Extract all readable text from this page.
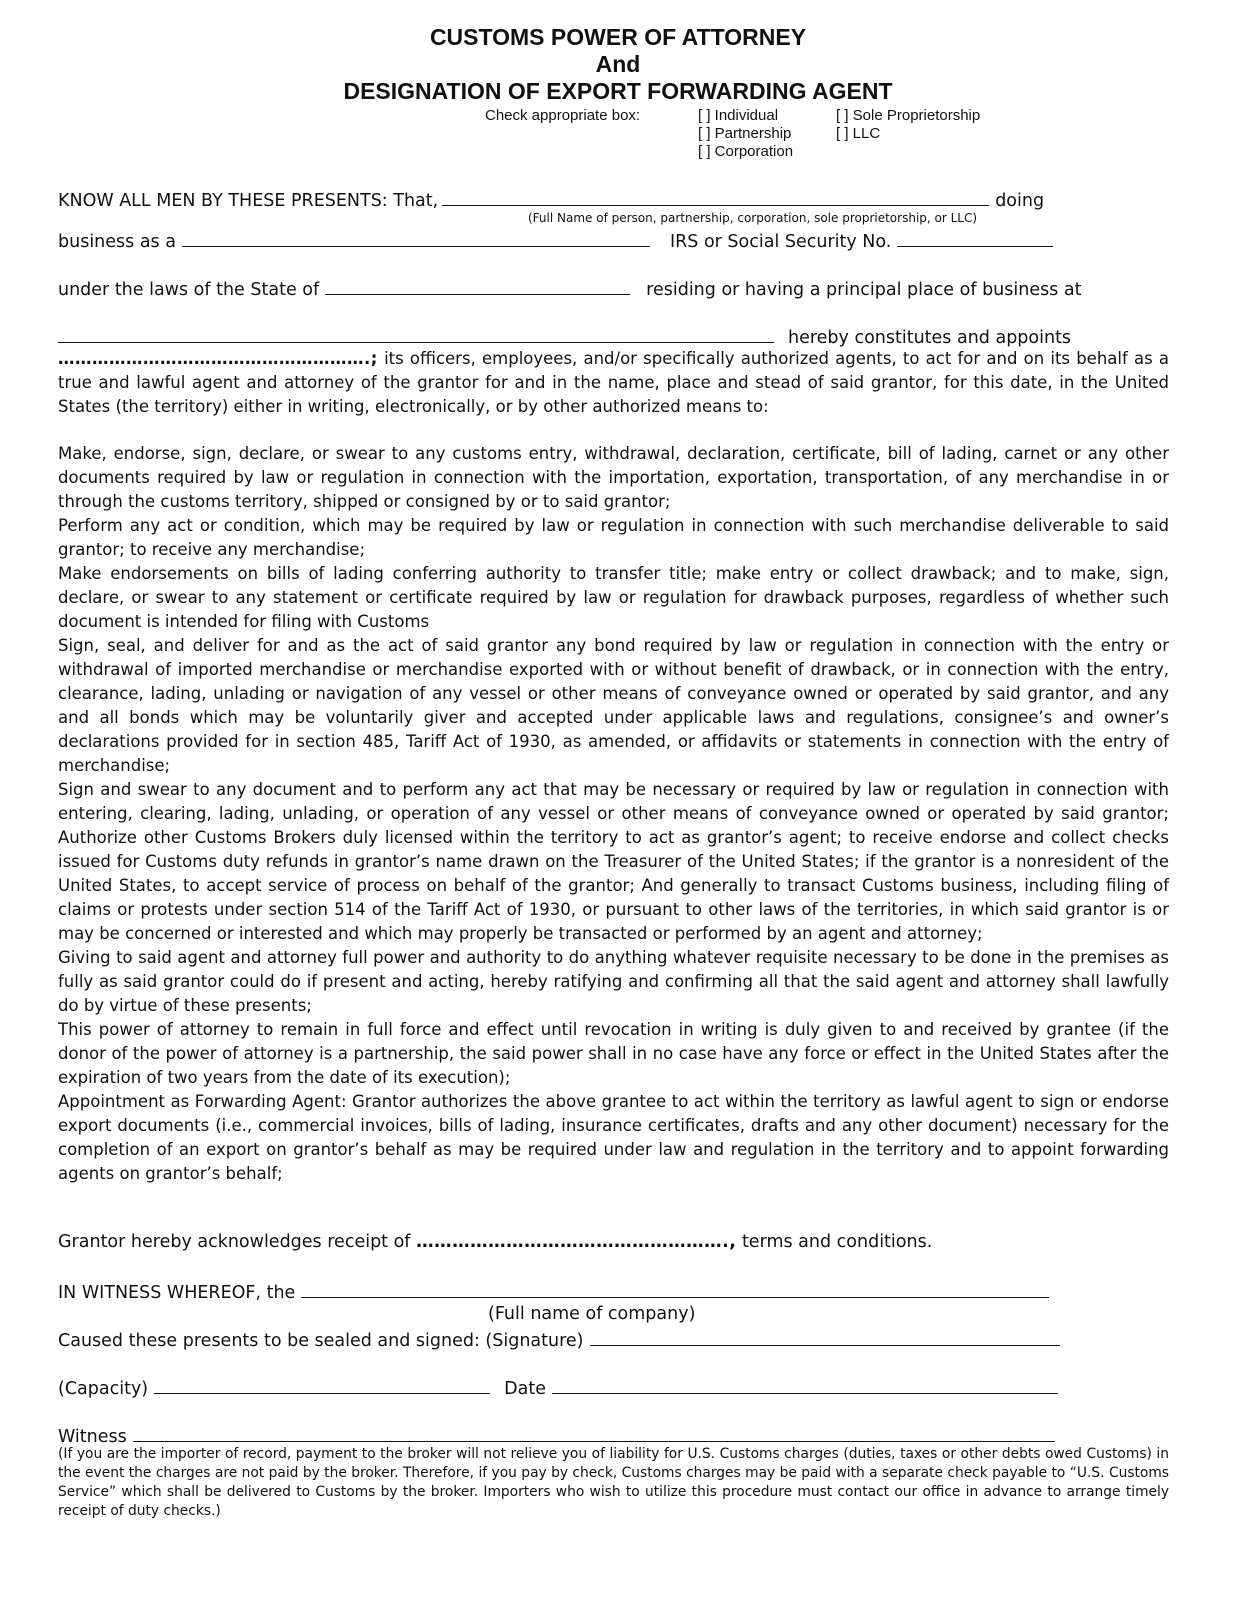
CUSTOMS POWER OF ATTORNEY
And
DESIGNATION OF EXPORT FORWARDING AGENT
Check appropriate box:	[ ] Individual
[ ] Partnership
[ ] Corporation
[ ] Sole Proprietorship
[ ] LLC
KNOW ALL MEN BY THESE PRESENTS: That,	doing
(Full Name of person, partnership, corporation, sole proprietorship, or LLC)
business as a	IRS or Social Security No.
under the laws of the State of	residing or having a principal place of business at
hereby constitutes and appoints

……………………………………………….; its officers, employees, and/or specifically authorized agents, to act for and on its behalf as a true and lawful agent and attorney of the grantor for and in the name, place and stead of said grantor, for this date, in the United States (the territory) either in writing, electronically, or by other authorized means to:

Make, endorse, sign, declare, or swear to any customs entry, withdrawal, declaration, certificate, bill of lading, carnet or any other documents required by law or regulation in connection with the importation, exportation, transportation, of any merchandise in or through the customs territory, shipped or consigned by or to said grantor;

Perform any act or condition, which may be required by law or regulation in connection with such merchandise deliverable to said grantor; to receive any merchandise;

Make endorsements on bills of lading conferring authority to transfer title; make entry or collect drawback; and to make, sign, declare, or swear to any statement or certificate required by law or regulation for drawback purposes, regardless of whether such document is intended for filing with Customs

Sign, seal, and deliver for and as the act of said grantor any bond required by law or regulation in connection with the entry or withdrawal of imported merchandise or merchandise exported with or without benefit of drawback, or in connection with the entry, clearance, lading, unlading or navigation of any vessel or other means of conveyance owned or operated by said grantor, and any and all bonds which may be voluntarily giver and accepted under applicable laws and regulations, consignee’s and owner’s declarations provided for in section 485, Tariff Act of 1930, as amended, or affidavits or statements in connection with the entry of merchandise;

Sign and swear to any document and to perform any act that may be necessary or required by law or regulation in connection with entering, clearing, lading, unlading, or operation of any vessel or other means of conveyance owned or operated by said grantor; Authorize other Customs Brokers duly licensed within the territory to act as grantor’s agent; to receive endorse and collect checks issued for Customs duty refunds in grantor’s name drawn on the Treasurer of the United States; if the grantor is a nonresident of the United States, to accept service of process on behalf of the grantor; And generally to transact Customs business, including filing of claims or protests under section 514 of the Tariff Act of 1930, or pursuant to other laws of the territories, in which said grantor is or may be concerned or interested and which may properly be transacted or performed by an agent and attorney;

Giving to said agent and attorney full power and authority to do anything whatever requisite necessary to be done in the premises as fully as said grantor could do if present and acting, hereby ratifying and confirming all that the said agent and attorney shall lawfully do by virtue of these presents;

This power of attorney to remain in full force and effect until revocation in writing is duly given to and received by grantee (if the donor of the power of attorney is a partnership, the said power shall in no case have any force or effect in the United States after the expiration of two years from the date of its execution);

Appointment as Forwarding Agent: Grantor authorizes the above grantee to act within the territory as lawful agent to sign or endorse export documents (i.e., commercial invoices, bills of lading, insurance certificates, drafts and any other document) necessary for the completion of an export on grantor’s behalf as may be required under law and regulation in the territory and to appoint forwarding agents on grantor’s behalf;

Grantor hereby acknowledges receipt of ……………………………………………., terms and conditions.
IN WITNESS WHEREOF, the
(Full name of company)
Caused these presents to be sealed and signed: (Signature)
(Capacity)	Date
Witness
(If you are the importer of record, payment to the broker will not relieve you of liability for U.S. Customs charges (duties, taxes or other debts owed Customs) in the event the charges are not paid by the broker. Therefore, if you pay by check, Customs charges may be paid with a separate check payable to “U.S. Customs Service” which shall be delivered to Customs by the broker. Importers who wish to utilize this procedure must contact our office in advance to arrange timely receipt of duty checks.)
